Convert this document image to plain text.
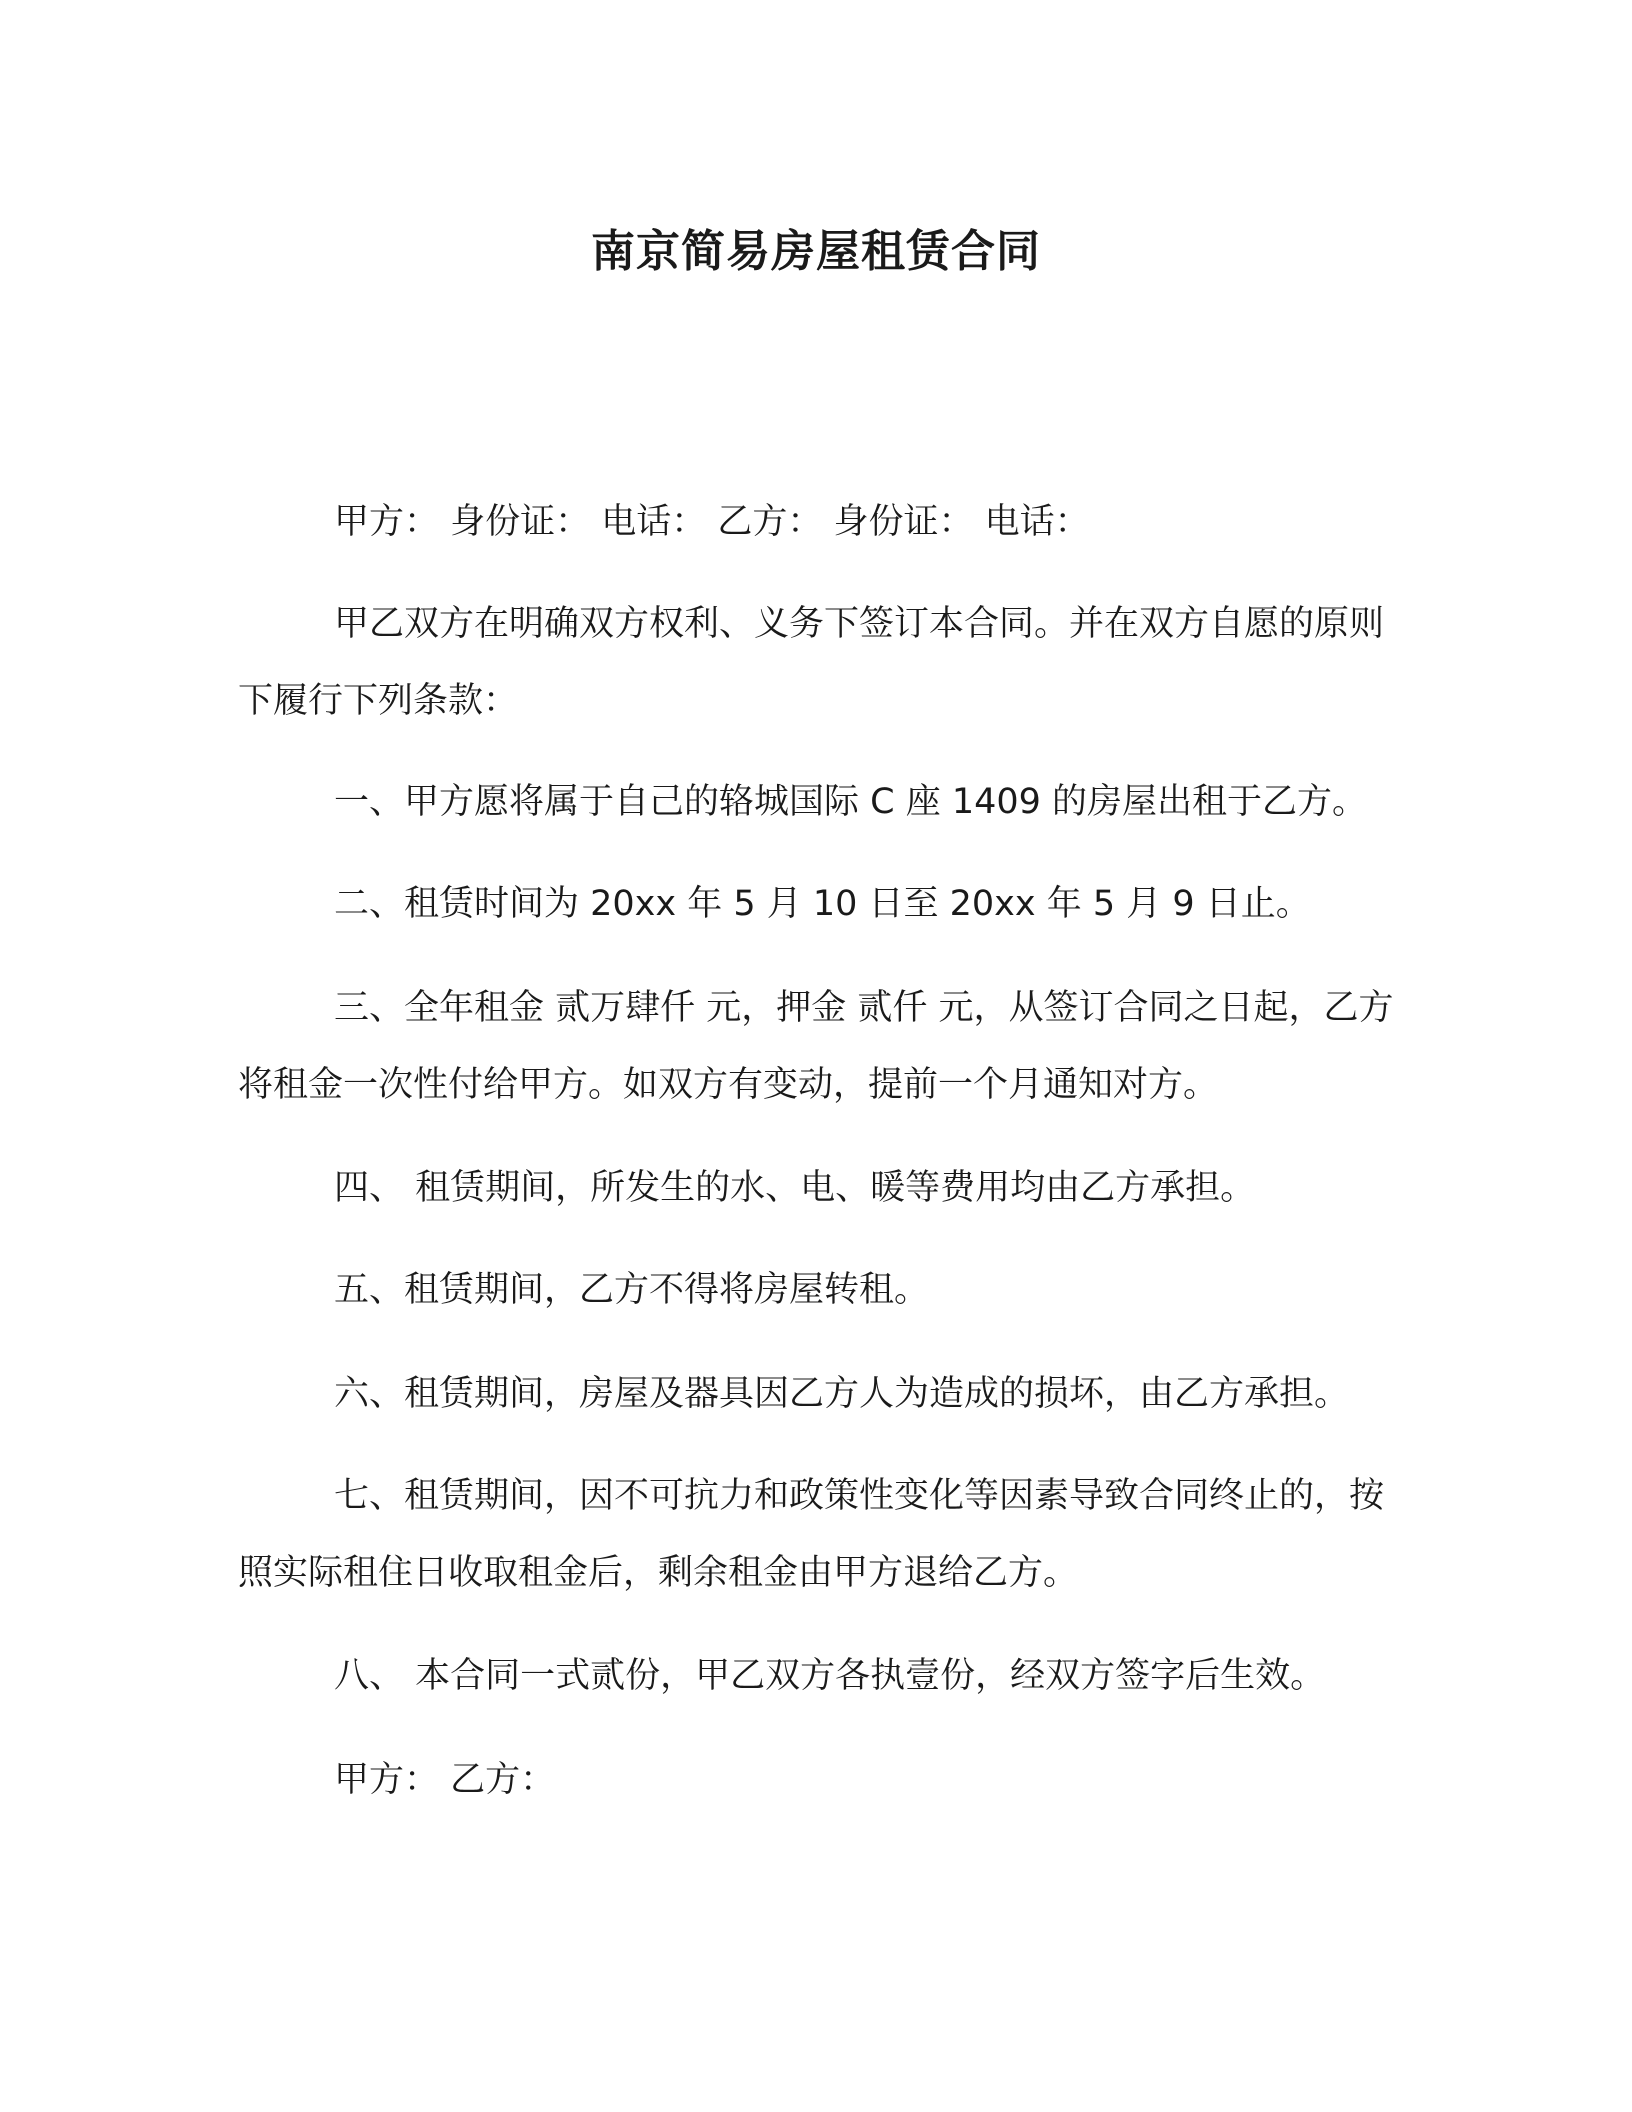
南京简易房屋租赁合同
甲方： 身份证： 电话： 乙方： 身份证： 电话：
甲乙双方在明确双方权利、义务下签订本合同。并在双方自愿的原则下履行下列条款：
一、甲方愿将属于自己的辂城国际 C 座 1409 的房屋出租于乙方。
二、租赁时间为 20xx 年 5 月 10 日至 20xx 年 5 月 9 日止。
三、全年租金 贰万肆仟 元，押金 贰仟 元，从签订合同之日起，乙方将租金一次性付给甲方。如双方有变动，提前一个月通知对方。
四、 租赁期间，所发生的水、电、暖等费用均由乙方承担。
五、租赁期间，乙方不得将房屋转租。
六、租赁期间，房屋及器具因乙方人为造成的损坏，由乙方承担。
七、租赁期间，因不可抗力和政策性变化等因素导致合同终止的，按照实际租住日收取租金后，剩余租金由甲方退给乙方。
八、 本合同一式贰份，甲乙双方各执壹份，经双方签字后生效。
甲方： 乙方：
